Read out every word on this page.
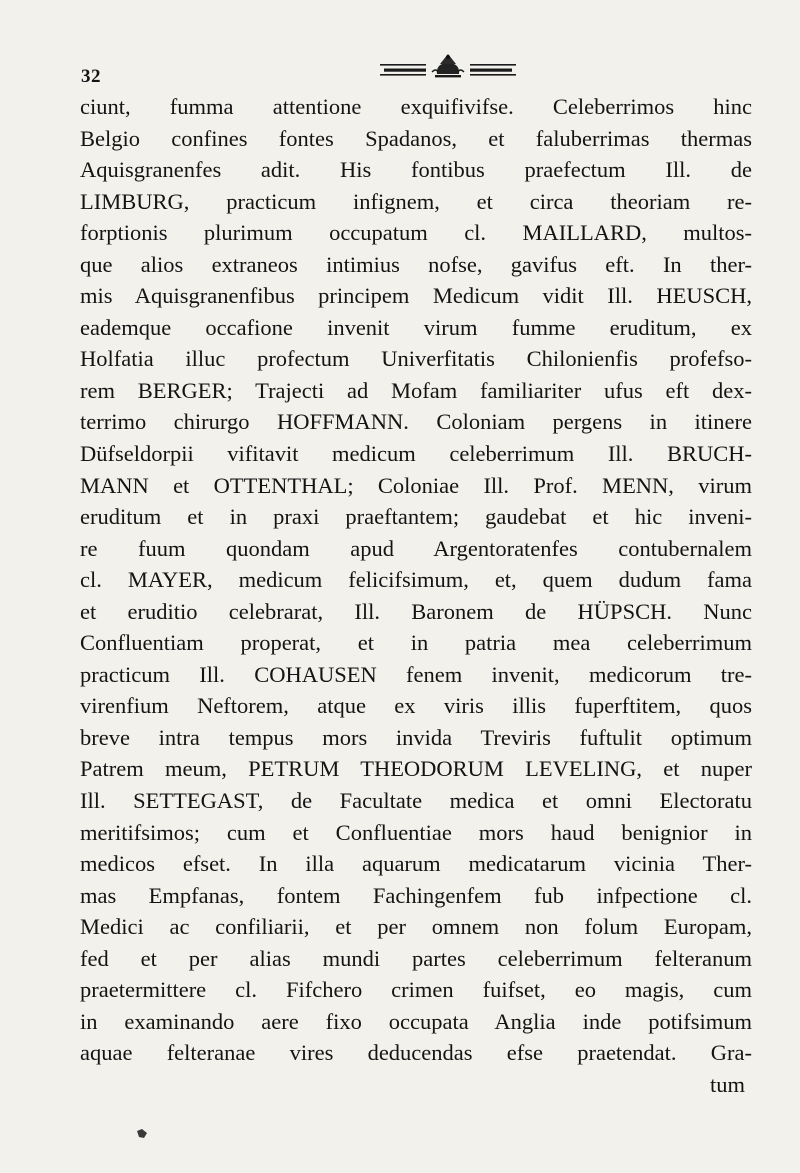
32
ciunt, fumma attentione exquifivifse. Celeberrimos hinc
Belgio confines fontes Spadanos, et faluberrimas thermas
Aquisgranenfes adit. His fontibus praefectum Ill. de
LIMBURG, practicum infignem, et circa theoriam re-
forptionis plurimum occupatum cl. MAILLARD, multos-
que alios extraneos intimius nofse, gavifus eft. In ther-
mis Aquisgranenfibus principem Medicum vidit Ill. HEUSCH,
eademque occafione invenit virum fumme eruditum, ex
Holfatia illuc profectum Univerfitatis Chilonienfis profefso-
rem BERGER; Trajecti ad Mofam familiariter ufus eft dex-
terrimo chirurgo HOFFMANN. Coloniam pergens in itinere
Düfseldorpii vifitavit medicum celeberrimum Ill. BRUCH-
MANN et OTTENTHAL; Coloniae Ill. Prof. MENN, virum
eruditum et in praxi praeftantem; gaudebat et hic inveni-
re fuum quondam apud Argentoratenfes contubernalem
cl. MAYER, medicum felicifsimum, et, quem dudum fama
et eruditio celebrarat, Ill. Baronem de HÜPSCH. Nunc
Confluentiam properat, et in patria mea celeberrimum
practicum Ill. COHAUSEN fenem invenit, medicorum tre-
virenfium Neftorem, atque ex viris illis fuperftitem, quos
breve intra tempus mors invida Treviris fuftulit optimum
Patrem meum, PETRUM THEODORUM LEVELING, et nuper
Ill. SETTEGAST, de Facultate medica et omni Electoratu
meritifsimos; cum et Confluentiae mors haud benignior in
medicos efset. In illa aquarum medicatarum vicinia Ther-
mas Empfanas, fontem Fachingenfem fub infpectione cl.
Medici ac confiliarii, et per omnem non folum Europam,
fed et per alias mundi partes celeberrimum felteranum
praetermittere cl. Fifchero crimen fuifset, eo magis, cum
in examinando aere fixo occupata Anglia inde potifsimum
aquae felteranae vires deducendas efse praetendat. Gra-
tum
